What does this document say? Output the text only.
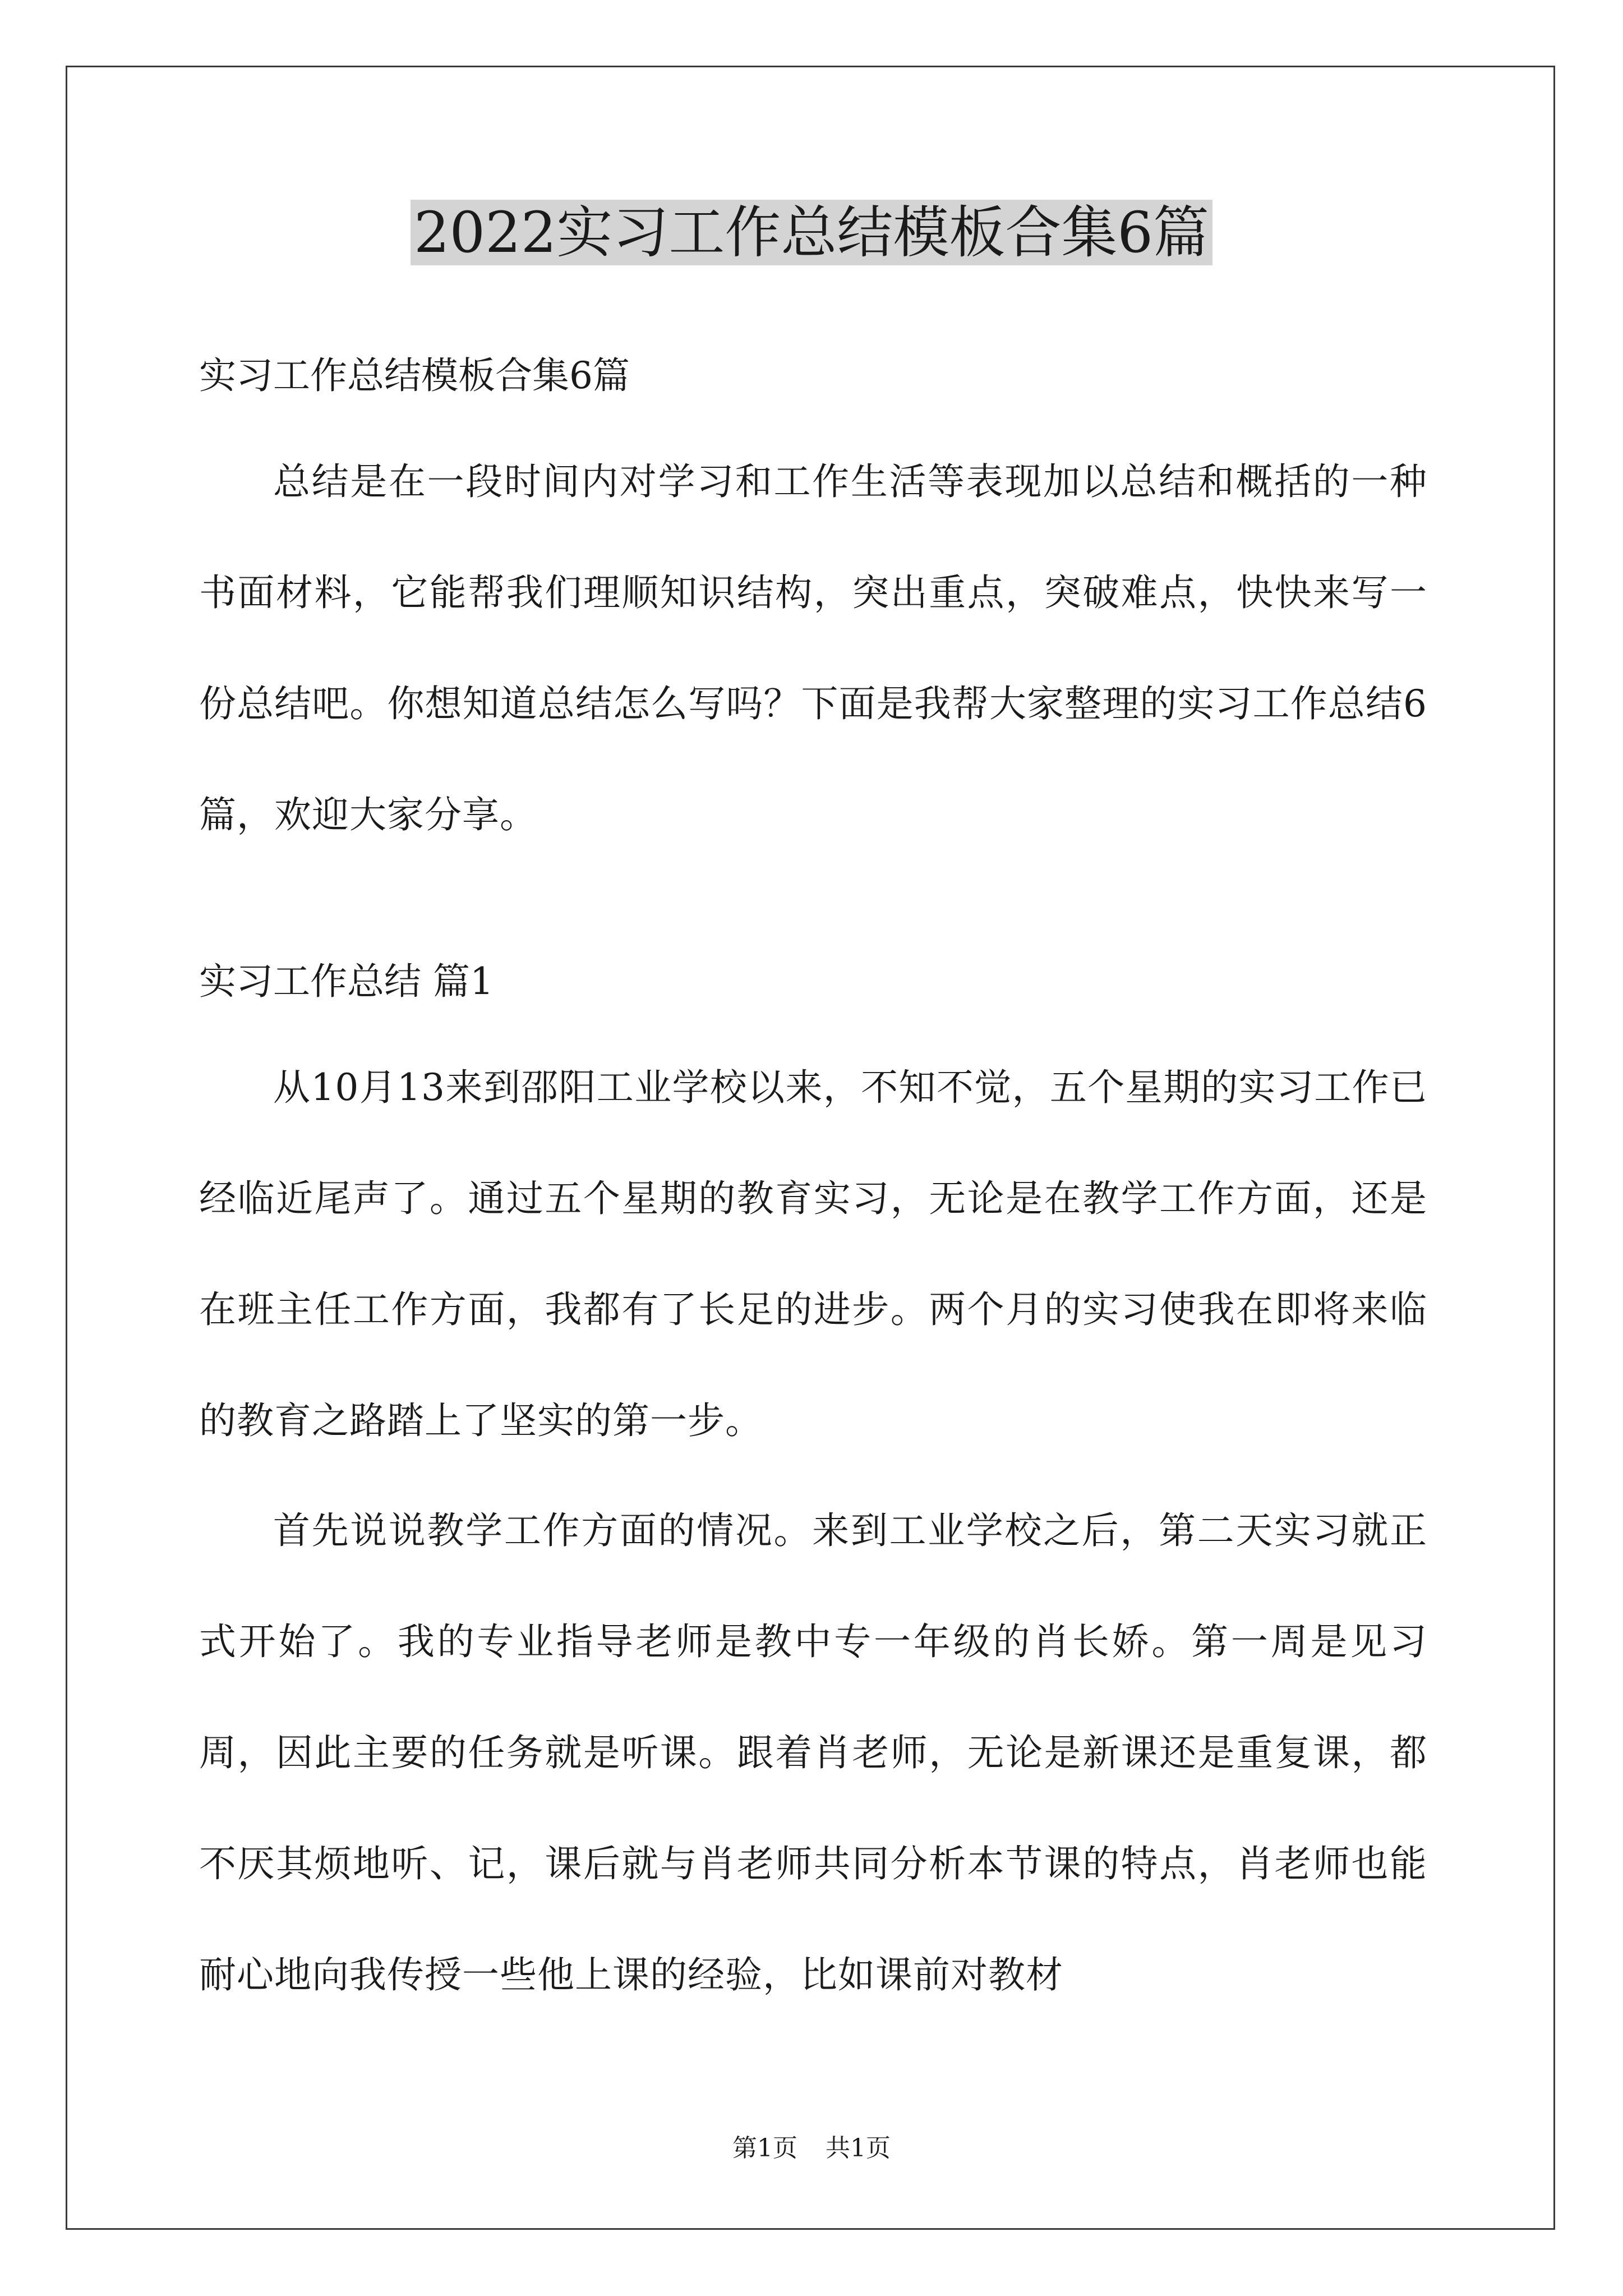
2022实习工作总结模板合集6篇
实习工作总结模板合集6篇

总结是在一段时间内对学习和工作生活等表现加以总结和概括的一种书面材料，它能帮我们理顺知识结构，突出重点，突破难点，快快来写一份总结吧。你想知道总结怎么写吗？下面是我帮大家整理的实习工作总结6篇，欢迎大家分享。

实习工作总结 篇1

从10月13来到邵阳工业学校以来，不知不觉，五个星期的实习工作已经临近尾声了。通过五个星期的教育实习，无论是在教学工作方面，还是在班主任工作方面，我都有了长足的进步。两个月的实习使我在即将来临的教育之路踏上了坚实的第一步。

首先说说教学工作方面的情况。来到工业学校之后，第二天实习就正式开始了。我的专业指导老师是教中专一年级的肖长娇。第一周是见习周，因此主要的任务就是听课。跟着肖老师，无论是新课还是重复课，都不厌其烦地听、记，课后就与肖老师共同分析本节课的特点，肖老师也能耐心地向我传授一些他上课的经验，比如课前对教材

第1页 共1页
